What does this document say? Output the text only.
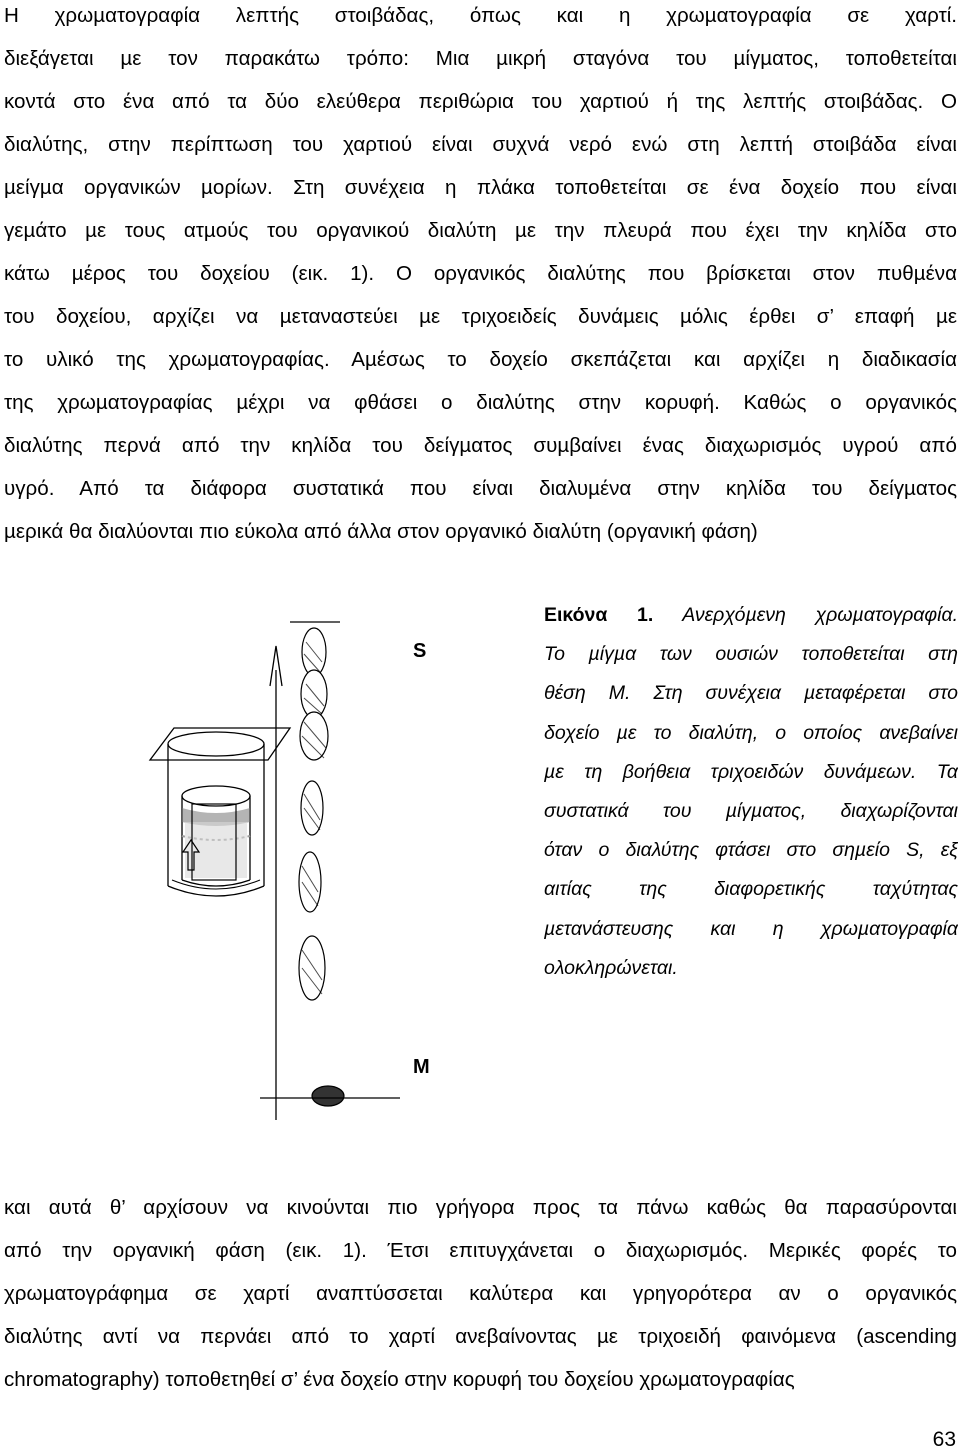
Η χρωµατογραφία λεπτής στοιβάδας, όπως και η χρωµατογραφία σε χαρτί.
διεξάγεται µε τον παρακάτω τρόπο: Μια µικρή σταγόνα του µίγµατος, τοποθετείται
κοντά στο ένα από τα δύο ελεύθερα περιθώρια του χαρτιού ή της λεπτής στοιβάδας. Ο
διαλύτης, στην περίπτωση του χαρτιού είναι συχνά νερό ενώ στη λεπτή στοιβάδα είναι
µείγµα οργανικών µορίων. Στη συνέχεια η πλάκα τοποθετείται σε ένα δοχείο που είναι
γεµάτο µε τους ατµούς του οργανικού διαλύτη µε την πλευρά που έχει την κηλίδα στο
κάτω µέρος του δοχείου (εικ. 1). Ο οργανικός διαλύτης που βρίσκεται στον πυθµένα
του δοχείου, αρχίζει να µεταναστεύει µε τριχοειδείς δυνάµεις µόλις έρθει σ’ επαφή µε
το υλικό της χρωµατογραφίας. Αµέσως το δοχείο σκεπάζεται και αρχίζει η διαδικασία
της χρωµατογραφίας µέχρι να φθάσει ο διαλύτης στην κορυφή. Καθώς ο οργανικός
διαλύτης περνά από την κηλίδα του δείγµατος συµβαίνει ένας διαχωρισµός υγρού από
υγρό. Από τα διάφορα συστατικά που είναι διαλυµένα στην κηλίδα του δείγµατος
µερικά θα διαλύονται πιο εύκολα από άλλα στον οργανικό διαλύτη (οργανική φάση)
S
M
Εικόνα 1. Ανερχόµενη χρωµατογραφία.
Το µίγµα των ουσιών τοποθετείται στη
θέση Μ. Στη συνέχεια µεταφέρεται στο
δοχείο µε το διαλύτη, ο οποίος ανεβαίνει
µε τη βοήθεια τριχοειδών δυνάµεων. Τα
συστατικά του µίγµατος, διαχωρίζονται
όταν ο διαλύτης φτάσει στο σηµείο S, εξ
αιτίας της διαφορετικής ταχύτητας
µετανάστευσης και η χρωµατογραφία
ολοκληρώνεται.
και αυτά θ’ αρχίσουν να κινούνται πιο γρήγορα προς τα πάνω καθώς θα παρασύρονται
από την οργανική φάση (εικ. 1). Έτσι επιτυγχάνεται ο διαχωρισµός. Μερικές φορές το
χρωµατογράφηµα σε χαρτί αναπτύσσεται καλύτερα και γρηγορότερα αν ο οργανικός
διαλύτης αντί να περνάει από το χαρτί ανεβαίνοντας µε τριχοειδή φαινόµενα (ascending
chromatography) τοποθετηθεί σ’ ένα δοχείο στην κορυφή του δοχείου χρωµατογραφίας
63
